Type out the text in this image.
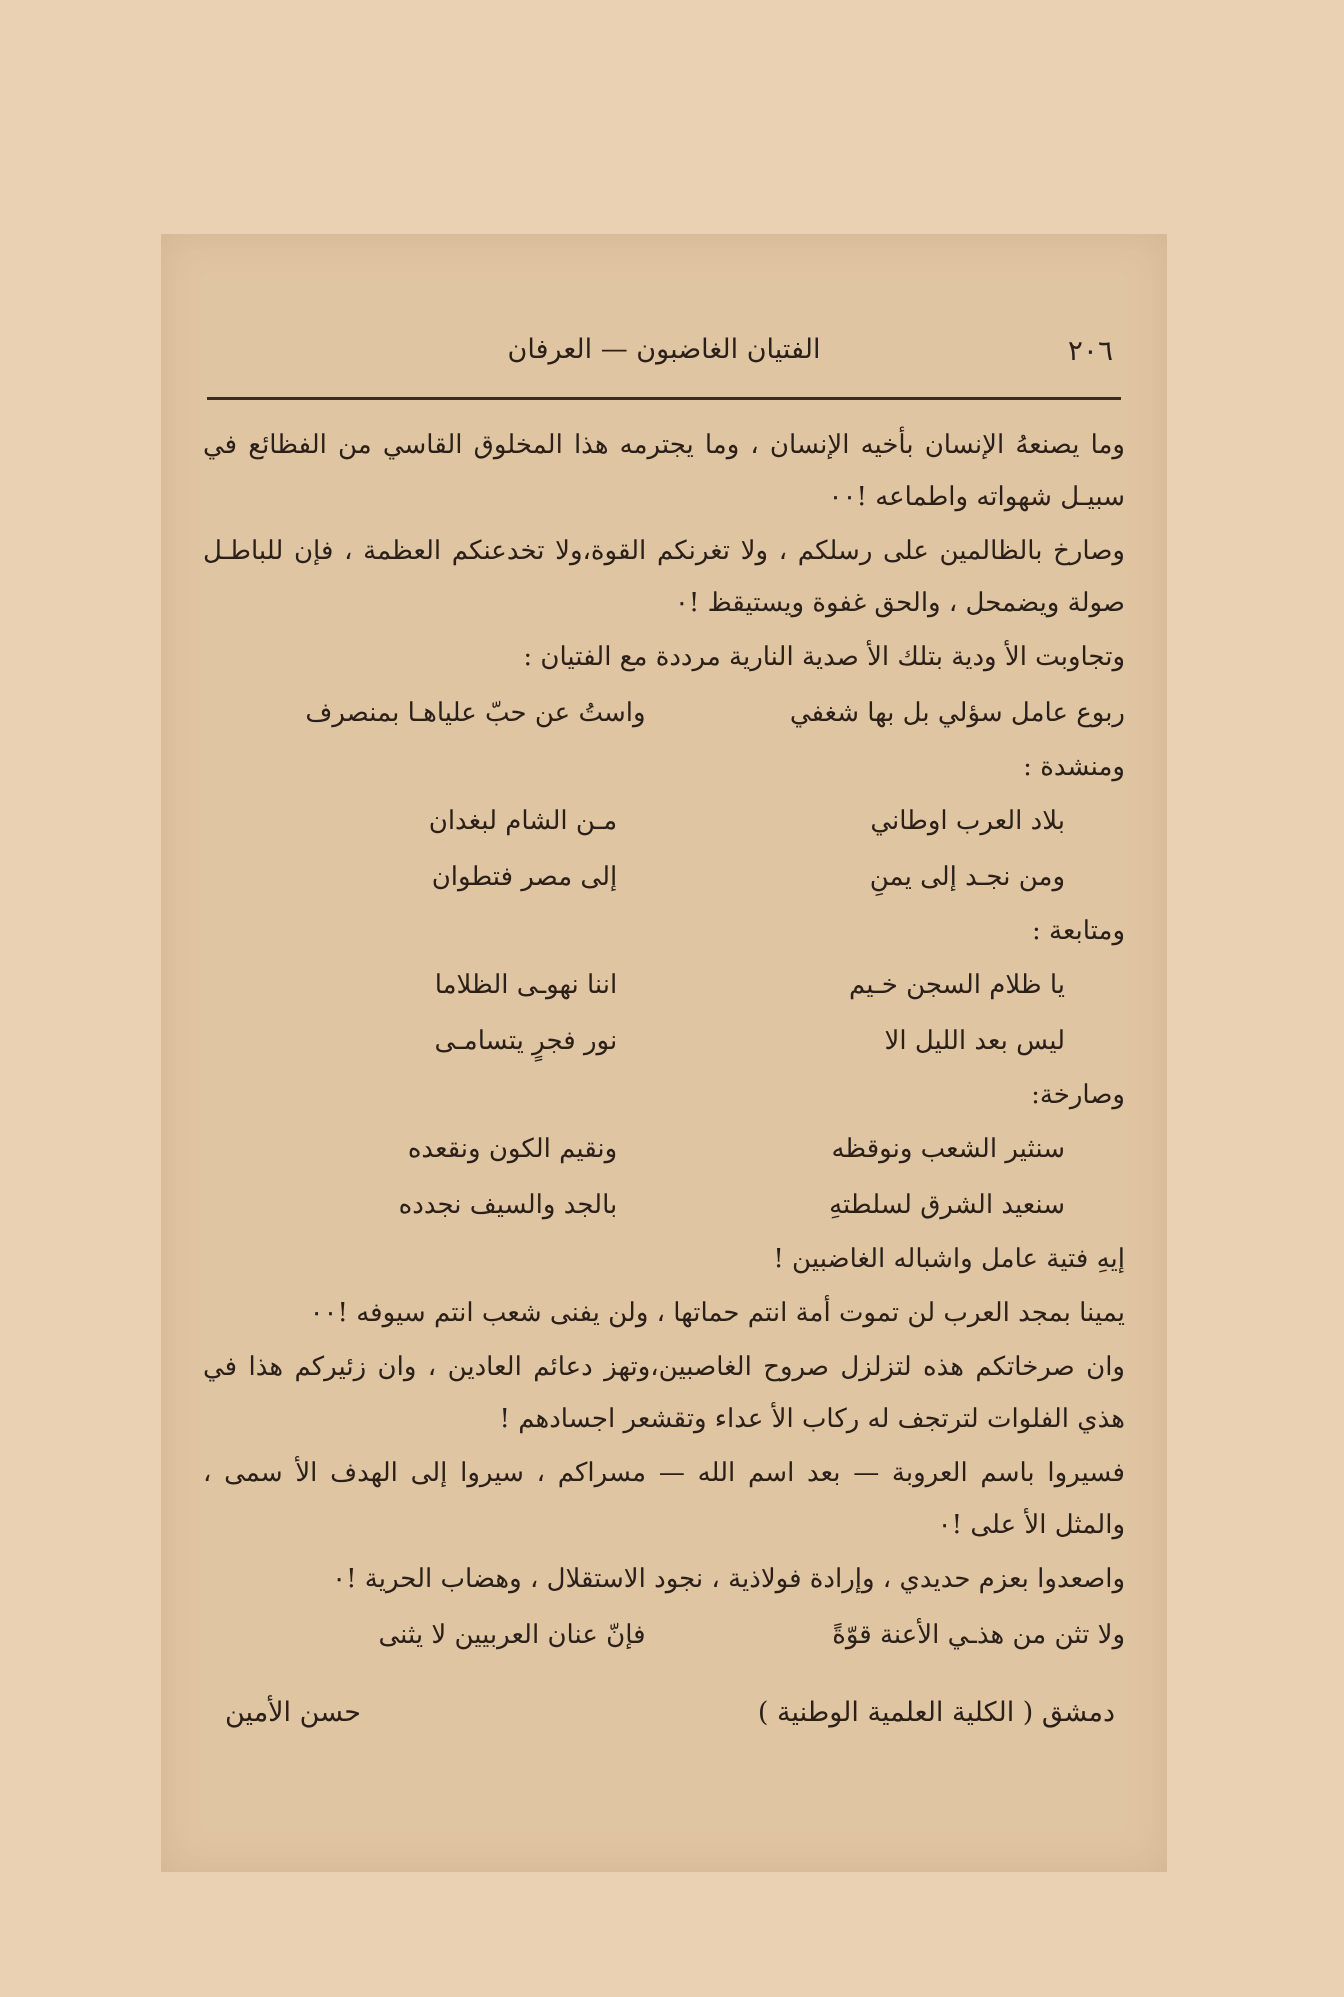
٢٠٦
الفتيان الغاضبون — العرفان

وما يصنعهُ الإنسان بأخيه الإنسان ، وما يجترمه هذا المخلوق القاسي من الفظائع في سبيـل شهواته واطماعه !٠٠

وصارخ بالظالمين على رسلكم ، ولا تغرنكم القوة،ولا تخدعنكم العظمة ، فإن للباطـل صولة ويضمحل ، والحق غفوة ويستيقظ !٠

وتجاوبت الأ ودية بتلك الأ صدية النارية مرددة مع الفتيان :

ربوع عامل سؤلي بل بها شغفي
واستُ عن حبّ علياهـا بمنصرف

ومنشدة :

بلاد العرب اوطاني
مـن الشام لبغدان
ومن نجـد إلى يمنِ
إلى مصر فتطوان

ومتابعة :

يا ظلام السجن خـيم
اننا نهوـى الظلاما
ليس بعد الليل الا
نور فجرٍ يتسامـى

وصارخة:

سنثير الشعب ونوقظه
ونقيم الكون ونقعده
سنعيد الشرق لسلطتهِ
بالجد والسيف نجدده

إيهِ فتية عامل واشباله الغاضبين !

يمينا بمجد العرب لن تموت أمة انتم حماتها ، ولن يفنى شعب انتم سيوفه !٠٠

وان صرخاتكم هذه لتزلزل صروح الغاصبين،وتهز دعائم العادين ، وان زئيركم هذا في هذي الفلوات لترتجف له ركاب الأ عداء وتقشعر اجسادهم !

فسيروا باسم العروبة — بعد اسم الله — مسراكم ، سيروا إلى الهدف الأ سمى ، والمثل الأ على !٠

واصعدوا بعزم حديدي ، وإرادة فولاذية ، نجود الاستقلال ، وهضاب الحرية !٠

ولا تثن من هذـي الأعنة قوّةً
فإنّ عنان العربيين لا يثنى
دمشق ( الكلية العلمية الوطنية )
حسن الأمين
